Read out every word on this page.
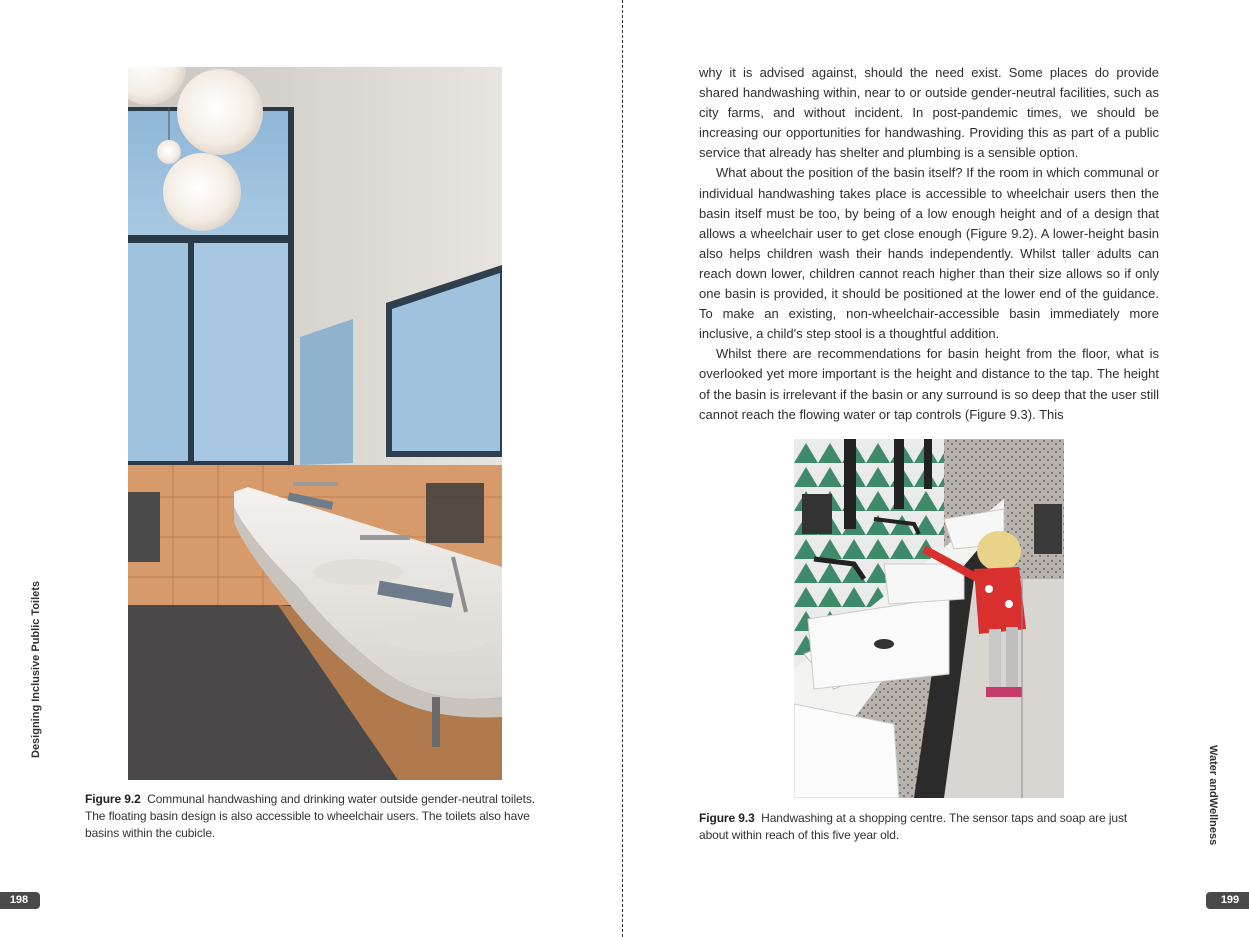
Figure 9.2 Communal handwashing and drinking water outside gender-neutral toilets. The floating basin design is also accessible to wheelchair users. The toilets also have basins within the cubicle.
Designing Inclusive Public Toilets
198

why it is advised against, should the need exist. Some places do provide shared handwashing within, near to or outside gender-neutral facilities, such as city farms, and without incident. In post-pandemic times, we should be increasing our opportunities for handwashing. Providing this as part of a public service that already has shelter and plumbing is a sensible option.

What about the position of the basin itself? If the room in which communal or individual handwashing takes place is accessible to wheelchair users then the basin itself must be too, by being of a low enough height and of a design that allows a wheelchair user to get close enough (Figure 9.2). A lower-height basin also helps children wash their hands independently. Whilst taller adults can reach down lower, children cannot reach higher than their size allows so if only one basin is provided, it should be positioned at the lower end of the guidance. To make an existing, non-wheelchair-accessible basin immediately more inclusive, a child's step stool is a thoughtful addition.

Whilst there are recommendations for basin height from the floor, what is overlooked yet more important is the height and distance to the tap. The height of the basin is irrelevant if the basin or any surround is so deep that the user still cannot reach the flowing water or tap controls (Figure 9.3). This

Figure 9.3 Handwashing at a shopping centre. The sensor taps and soap are just about within reach of this five year old.	Water andWellness
199
